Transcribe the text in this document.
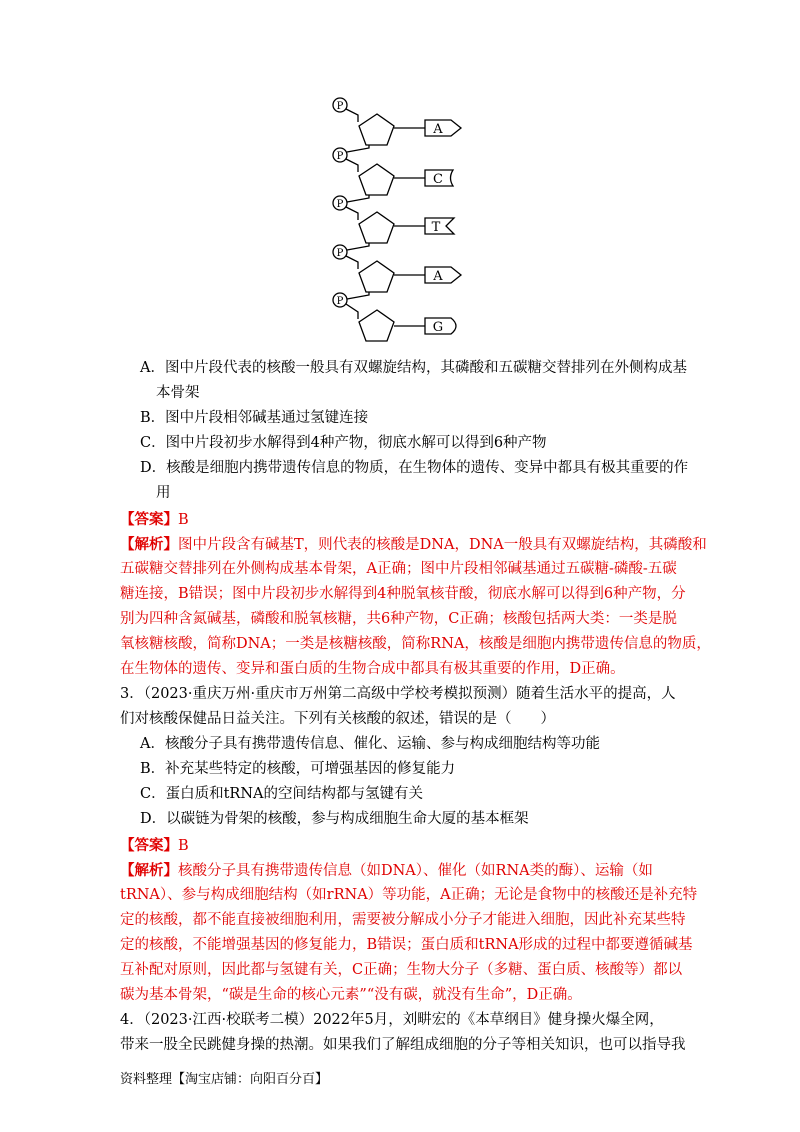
P
P
P
P
P
A
C
T
A
G
A．图中片段代表的核酸一般具有双螺旋结构，其磷酸和五碳糖交替排列在外侧构成基
本骨架
B．图中片段相邻碱基通过氢键连接
C．图中片段初步水解得到4种产物，彻底水解可以得到6种产物
D．核酸是细胞内携带遗传信息的物质，在生物体的遗传、变异中都具有极其重要的作
用
【答案】B
【解析】图中片段含有碱基T，则代表的核酸是DNA，DNA一般具有双螺旋结构，其磷酸和
五碳糖交替排列在外侧构成基本骨架，A正确；图中片段相邻碱基通过五碳糖-磷酸-五碳
糖连接，B错误；图中片段初步水解得到4种脱氧核苷酸，彻底水解可以得到6种产物，分
别为四种含氮碱基，磷酸和脱氧核糖，共6种产物，C正确；核酸包括两大类：一类是脱
氧核糖核酸，简称DNA；一类是核糖核酸，简称RNA，核酸是细胞内携带遗传信息的物质，
在生物体的遗传、变异和蛋白质的生物合成中都具有极其重要的作用，D正确。
3．（2023·重庆万州·重庆市万州第二高级中学校考模拟预测）随着生活水平的提高，人
们对核酸保健品日益关注。下列有关核酸的叙述，错误的是（　　）
A．核酸分子具有携带遗传信息、催化、运输、参与构成细胞结构等功能
B．补充某些特定的核酸，可增强基因的修复能力
C．蛋白质和tRNA的空间结构都与氢键有关
D．以碳链为骨架的核酸，参与构成细胞生命大厦的基本框架
【答案】B
【解析】核酸分子具有携带遗传信息（如DNA）、催化（如RNA类的酶）、运输（如
tRNA）、参与构成细胞结构（如rRNA）等功能，A正确；无论是食物中的核酸还是补充特
定的核酸，都不能直接被细胞利用，需要被分解成小分子才能进入细胞，因此补充某些特
定的核酸，不能增强基因的修复能力，B错误；蛋白质和tRNA形成的过程中都要遵循碱基
互补配对原则，因此都与氢键有关，C正确；生物大分子（多糖、蛋白质、核酸等）都以
碳为基本骨架，“碳是生命的核心元素”“没有碳，就没有生命”，D正确。
4．（2023·江西·校联考二模）2022年5月，刘畊宏的《本草纲目》健身操火爆全网，
带来一股全民跳健身操的热潮。如果我们了解组成细胞的分子等相关知识，也可以指导我
资料整理【淘宝店铺：向阳百分百】
